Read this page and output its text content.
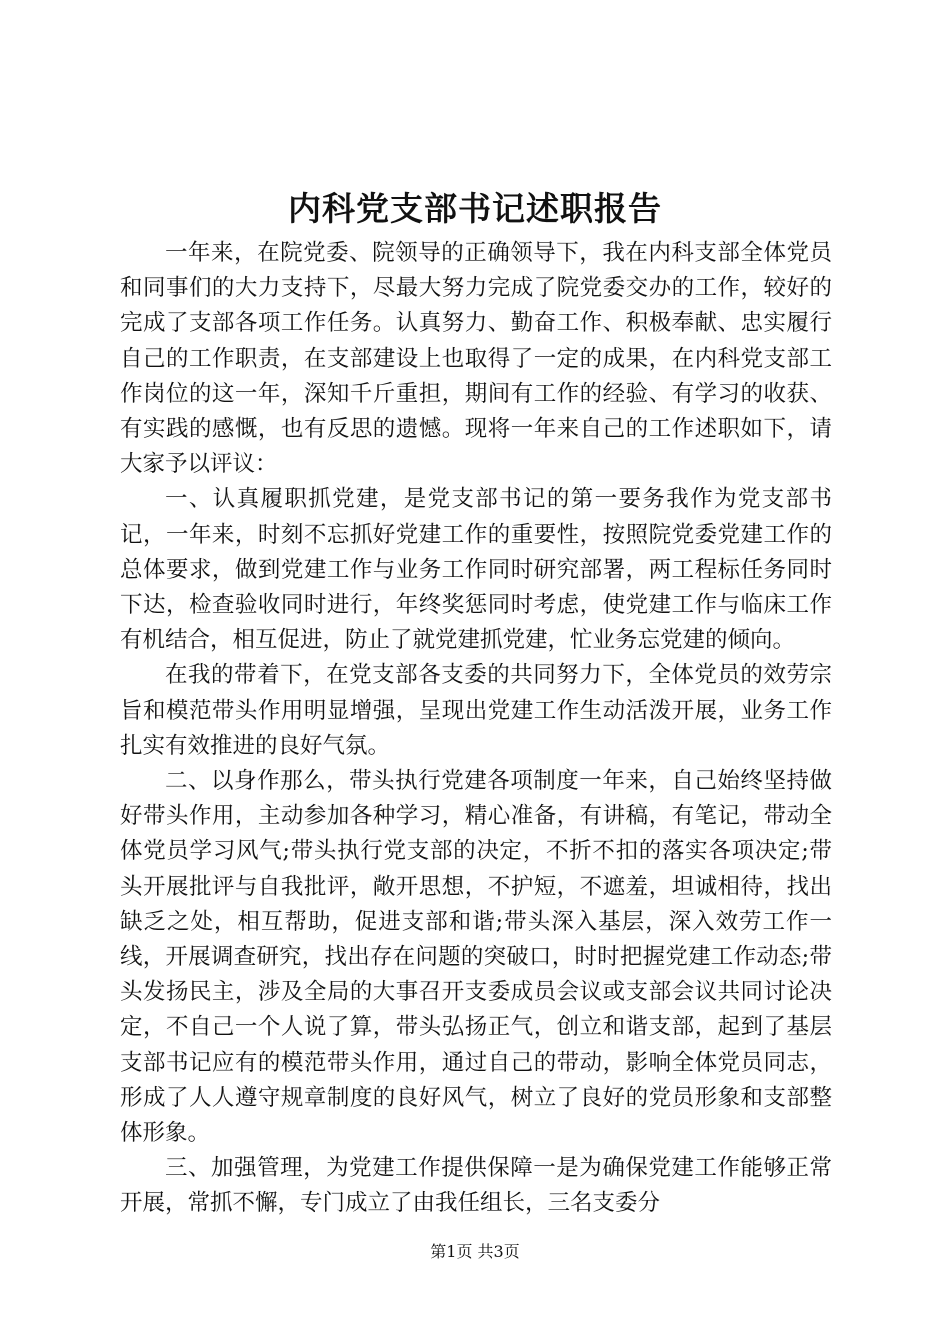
内科党支部书记述职报告

一年来，在院党委、院领导的正确领导下，我在内科支部全体党员和同事们的大力支持下，尽最大努力完成了院党委交办的工作，较好的完成了支部各项工作任务。认真努力、勤奋工作、积极奉献、忠实履行自己的工作职责，在支部建设上也取得了一定的成果，在内科党支部工作岗位的这一年，深知千斤重担，期间有工作的经验、有学习的收获、有实践的感慨，也有反思的遗憾。现将一年来自己的工作述职如下，请大家予以评议：

一、认真履职抓党建，是党支部书记的第一要务我作为党支部书记，一年来，时刻不忘抓好党建工作的重要性，按照院党委党建工作的总体要求，做到党建工作与业务工作同时研究部署，两工程标任务同时下达，检查验收同时进行，年终奖惩同时考虑，使党建工作与临床工作有机结合，相互促进，防止了就党建抓党建，忙业务忘党建的倾向。

在我的带着下，在党支部各支委的共同努力下，全体党员的效劳宗旨和模范带头作用明显增强，呈现出党建工作生动活泼开展，业务工作扎实有效推进的良好气氛。

二、以身作那么，带头执行党建各项制度一年来，自己始终坚持做好带头作用，主动参加各种学习，精心准备，有讲稿，有笔记，带动全体党员学习风气;带头执行党支部的决定，不折不扣的落实各项决定;带头开展批评与自我批评，敞开思想，不护短，不遮羞，坦诚相待，找出缺乏之处，相互帮助，促进支部和谐;带头深入基层，深入效劳工作一线，开展调查研究，找出存在问题的突破口，时时把握党建工作动态;带头发扬民主，涉及全局的大事召开支委成员会议或支部会议共同讨论决定，不自己一个人说了算，带头弘扬正气，创立和谐支部，起到了基层支部书记应有的模范带头作用，通过自己的带动，影响全体党员同志，形成了人人遵守规章制度的良好风气，树立了良好的党员形象和支部整体形象。

三、加强管理，为党建工作提供保障一是为确保党建工作能够正常开展，常抓不懈，专门成立了由我任组长，三名支委分

第1页 共3页
